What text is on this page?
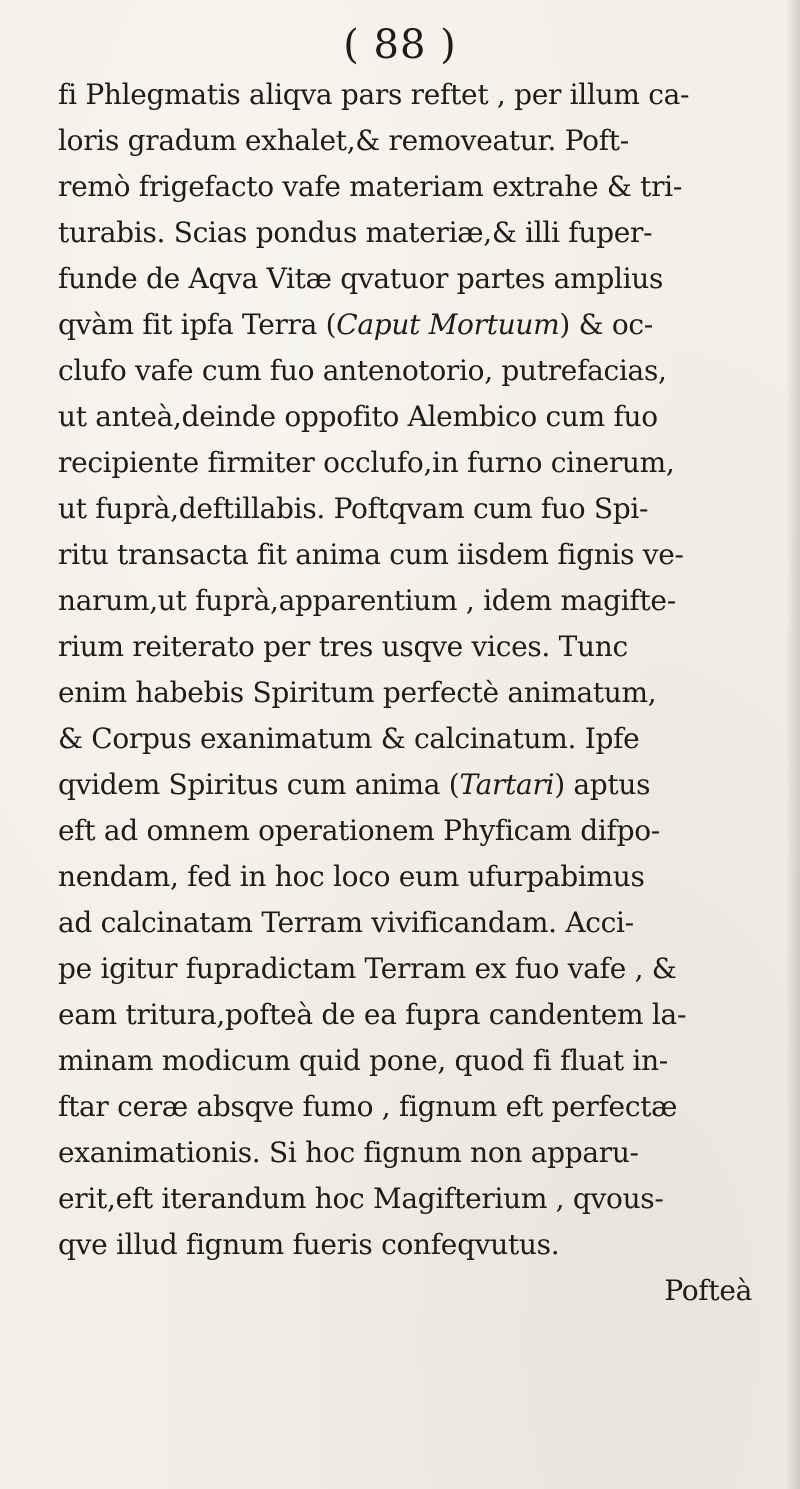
( 88 )
fi Phlegmatis aliqva pars reftet , per illum ca-
loris gradum exhalet,& removeatur. Poft-
remò frigefacto vafe materiam extrahe & tri-
turabis. Scias pondus materiæ,& illi fuper-
funde de Aqva Vitæ qvatuor partes amplius
qvàm fit ipfa Terra (Caput Mortuum) & oc-
clufo vafe cum fuo antenotorio, putrefacias,
ut anteà,deinde oppofito Alembico cum fuo
recipiente firmiter occlufo,in furno cinerum,
ut fuprà,deftillabis. Poftqvam cum fuo Spi-
ritu transacta fit anima cum iisdem fignis ve-
narum,ut fuprà,apparentium , idem magifte-
rium reiterato per tres usqve vices. Tunc
enim habebis Spiritum perfectè animatum,
& Corpus exanimatum & calcinatum. Ipfe
qvidem Spiritus cum anima (Tartari) aptus
eft ad omnem operationem Phyficam difpo-
nendam, fed in hoc loco eum ufurpabimus
ad calcinatam Terram vivificandam. Acci-
pe igitur fupradictam Terram ex fuo vafe , &
eam tritura,pofteà de ea fupra candentem la-
minam modicum quid pone, quod fi fluat in-
ftar ceræ absqve fumo , fignum eft perfectæ
exanimationis. Si hoc fignum non apparu-
erit,eft iterandum hoc Magifterium , qvous-
qve illud fignum fueris confeqvutus.
Pofteà
